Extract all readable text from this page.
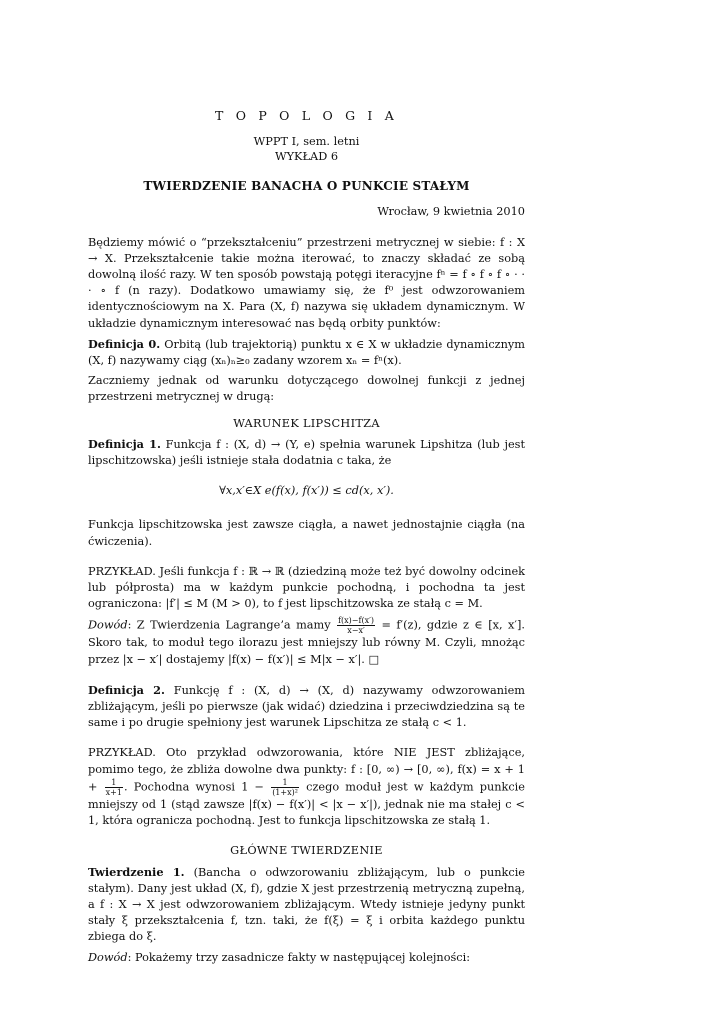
T O P O L O G I A
WPPT I, sem. letni
WYKŁAD 6
TWIERDZENIE BANACHA O PUNKCIE STAŁYM
Wrocław, 9 kwietnia 2010

Będziemy mówić o “przekształceniu” przestrzeni metrycznej w siebie: f : X → X. Przekształcenie takie można iterować, to znaczy składać ze sobą dowolną ilość razy. W ten sposób powstają potęgi iteracyjne fⁿ = f ∘ f ∘ f ∘ · · · ∘ f (n razy). Dodatkowo umawiamy się, że f⁰ jest odwzorowaniem identycznościowym na X. Para (X, f) nazywa się układem dynamicznym. W układzie dynamicznym interesować nas będą orbity punktów:

Definicja 0. Orbitą (lub trajektorią) punktu x ∈ X w układzie dynamicznym (X, f) nazywamy ciąg (xₙ)ₙ≥₀ zadany wzorem xₙ = fⁿ(x).

Zaczniemy jednak od warunku dotyczącego dowolnej funkcji z jednej przestrzeni metrycznej w drugą:

WARUNEK LIPSCHITZA

Definicja 1. Funkcja f : (X, d) → (Y, e) spełnia warunek Lipshitza (lub jest lipschitzowska) jeśli istnieje stała dodatnia c taka, że

∀x,x′∈X e(f(x), f(x′)) ≤ cd(x, x′).

Funkcja lipschitzowska jest zawsze ciągła, a nawet jednostajnie ciągła (na ćwiczenia).

PRZYKŁAD. Jeśli funkcja f : ℝ → ℝ (dziedziną może też być dowolny odcinek lub półprosta) ma w każdym punkcie pochodną, i pochodna ta jest ograniczona: |f′| ≤ M (M > 0), to f jest lipschitzowska ze stałą c = M.

Dowód: Z Twierdzenia Lagrange’a mamy $\frac{f(x)-f(x')}{x-x'} = f'(z)$, gdzie z ∈ [x, x′]. Skoro tak, to moduł tego ilorazu jest mniejszy lub równy M. Czyli, mnożąc przez |x − x′| dostajemy |f(x) − f(x′)| ≤ M|x − x′|. □

Definicja 2. Funkcję f : (X, d) → (X, d) nazywamy odwzorowaniem zbliżającym, jeśli po pierwsze (jak widać) dziedzina i przeciwdziedzina są te same i po drugie spełniony jest warunek Lipschitza ze stałą c < 1.

PRZYKŁAD. Oto przykład odwzorowania, które NIE JEST zbliżające, pomimo tego, że zbliża dowolne dwa punkty: f : [0, ∞) → [0, ∞), $f(x) = x + 1 + \frac{1}{x+1}$ . Pochodna wynosi $1 - \frac{1}{\text{(1+x)²}}$ czego moduł jest w każdym punkcie mniejszy od 1 (stąd zawsze |f(x) − f(x′)| < |x − x′|), jednak nie ma stałej c < 1, która ogranicza pochodną. Jest to funkcja lipschitzowska ze stałą 1.

GŁÓWNE TWIERDZENIE

Twierdzenie 1. (Bancha o odwzorowaniu zbliżającym, lub o punkcie stałym). Dany jest układ (X, f), gdzie X jest przestrzenią metryczną zupełną, a f : X → X jest odwzorowaniem zbliżającym. Wtedy istnieje jedyny punkt stały ξ przekształcenia f, tzn. taki, że f(ξ) = ξ i orbita każdego punktu zbiega do ξ.

Dowód: Pokażemy trzy zasadnicze fakty w następującej kolejności:
